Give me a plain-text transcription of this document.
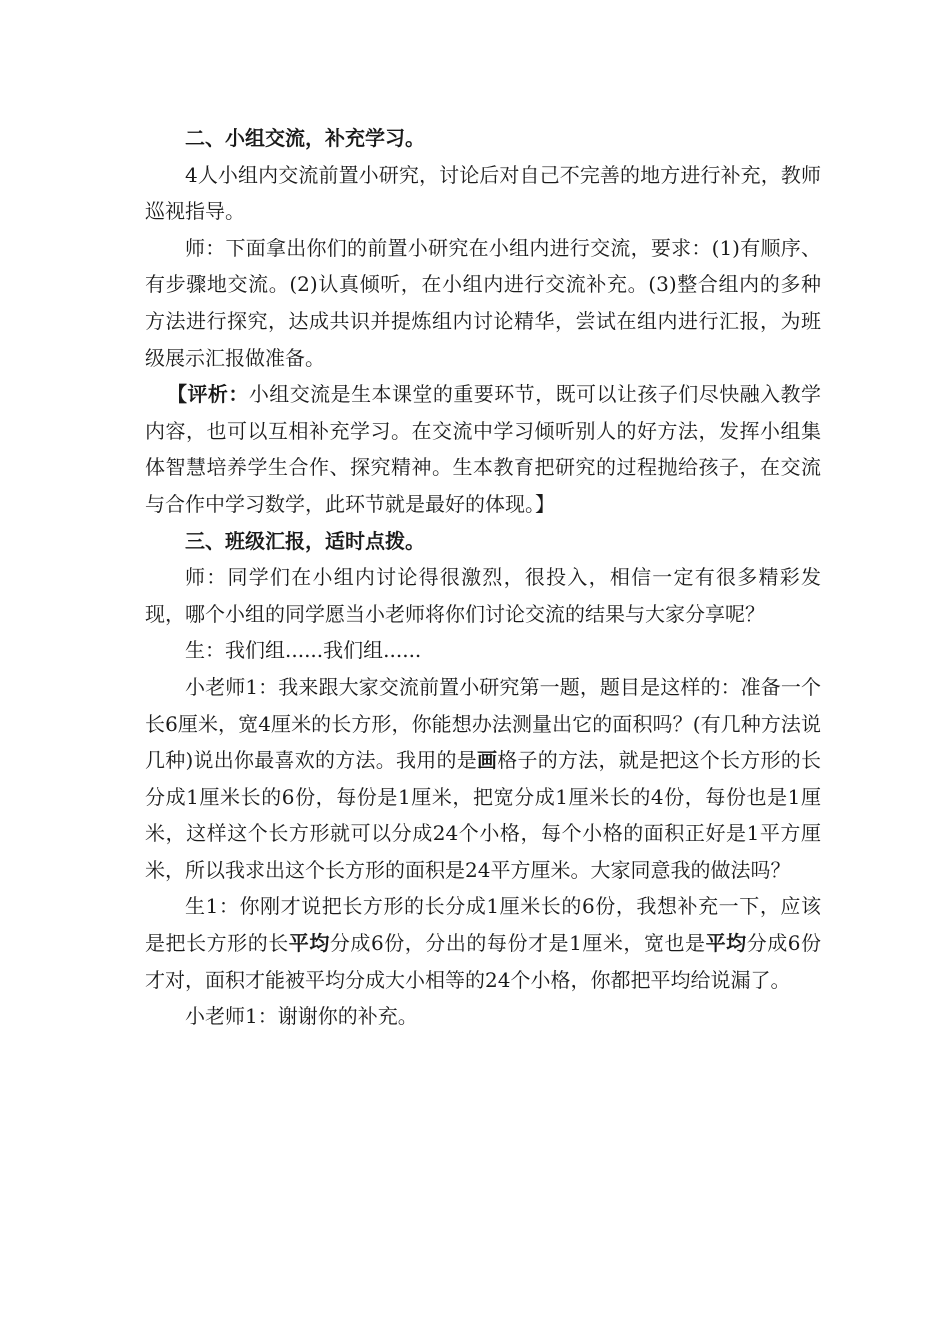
二、小组交流，补充学习。

4人小组内交流前置小研究，讨论后对自己不完善的地方进行补充，教师巡视指导。

师：下面拿出你们的前置小研究在小组内进行交流，要求：(1)有顺序、有步骤地交流。(2)认真倾听，在小组内进行交流补充。(3)整合组内的多种方法进行探究，达成共识并提炼组内讨论精华，尝试在组内进行汇报，为班级展示汇报做准备。

【评析：小组交流是生本课堂的重要环节，既可以让孩子们尽快融入教学内容，也可以互相补充学习。在交流中学习倾听别人的好方法，发挥小组集体智慧培养学生合作、探究精神。生本教育把研究的过程抛给孩子，在交流与合作中学习数学，此环节就是最好的体现。】

三、班级汇报，适时点拨。

师：同学们在小组内讨论得很激烈，很投入，相信一定有很多精彩发现，哪个小组的同学愿当小老师将你们讨论交流的结果与大家分享呢？

生：我们组......我们组......

小老师1：我来跟大家交流前置小研究第一题，题目是这样的：准备一个长6厘米，宽4厘米的长方形，你能想办法测量出它的面积吗？(有几种方法说几种)说出你最喜欢的方法。我用的是画格子的方法，就是把这个长方形的长分成1厘米长的6份，每份是1厘米，把宽分成1厘米长的4份，每份也是1厘米，这样这个长方形就可以分成24个小格，每个小格的面积正好是1平方厘米，所以我求出这个长方形的面积是24平方厘米。大家同意我的做法吗？

生1：你刚才说把长方形的长分成1厘米长的6份，我想补充一下，应该是把长方形的长平均分成6份，分出的每份才是1厘米，宽也是平均分成6份才对，面积才能被平均分成大小相等的24个小格，你都把平均给说漏了。

小老师1：谢谢你的补充。
